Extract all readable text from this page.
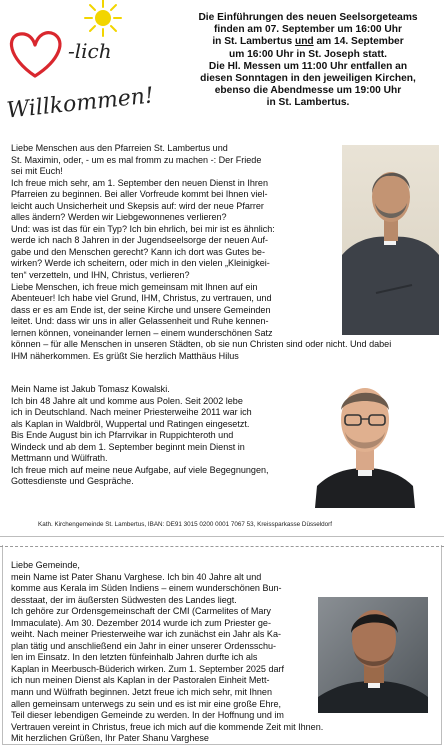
-lich
Willkommen!
Die Einführungen des neuen Seelsorgeteams
finden am 07. September um 16:00 Uhr
in St. Lambertus und am 14. September
um 16:00 Uhr in St. Joseph statt.
Die Hl. Messen um 11:00 Uhr entfallen an
diesen Sonntagen in den jeweiligen Kirchen,
ebenso die Abendmesse um 19:00 Uhr
in St. Lambertus.

Liebe Menschen aus den Pfarreien St. Lambertus und

St. Maximin, oder, - um es mal fromm zu machen -: Der Friede

sei mit Euch!

Ich freue mich sehr, am 1. September den neuen Dienst in Ihren

Pfarreien zu beginnen. Bei aller Vorfreude kommt bei Ihnen viel-

leicht auch Unsicherheit und Skepsis auf: wird der neue Pfarrer

alles ändern? Werden wir Liebgewonnenes verlieren?

Und: was ist das für ein Typ? Ich bin ehrlich, bei mir ist es ähnlich:

werde ich nach 8 Jahren in der Jugendseelsorge der neuen Auf-

gabe und den Menschen gerecht? Kann ich dort was Gutes be-

wirken? Werde ich scheitern, oder mich in den vielen „Kleinigkei-

ten“ verzetteln, und IHN, Christus, verlieren?

Liebe Menschen, ich freue mich gemeinsam mit Ihnen auf ein

Abenteuer! Ich habe viel Grund, IHM, Christus, zu vertrauen, und

dass er es am Ende ist, der seine Kirche und unsere Gemeinden

leitet. Und: dass wir uns in aller Gelassenheit und Ruhe kennen-

lernen können, voneinander lernen – einem wunderschönen Satz

können – für alle Menschen in unseren Städten, ob sie nun Christen sind oder nicht. Und dabei

IHM näherkommen. Es grüßt Sie herzlich Matthäus Hilus

Mein Name ist Jakub Tomasz Kowalski.

Ich bin 48 Jahre alt und komme aus Polen. Seit 2002 lebe

ich in Deutschland. Nach meiner Priesterweihe 2011 war ich

als Kaplan in Waldbröl, Wuppertal und Ratingen eingesetzt.

Bis Ende August bin ich Pfarrvikar in Ruppichteroth und

Windeck und ab dem 1. September beginnt mein Dienst in

Mettmann und Wülfrath.

Ich freue mich auf meine neue Aufgabe, auf viele Begegnungen,

Gottesdienste und Gespräche.

Kath. Kirchengemeinde St. Lambertus, IBAN: DE91 3015 0200 0001 7067 53, Kreissparkasse Düsseldorf

Liebe Gemeinde,

mein Name ist Pater Shanu Varghese. Ich bin 40 Jahre alt und

komme aus Kerala im Süden Indiens – einem wunderschönen Bun-

desstaat, der im äußersten Südwesten des Landes liegt.

Ich gehöre zur Ordensgemeinschaft der CMI (Carmelites of Mary

Immaculate). Am 30. Dezember 2014 wurde ich zum Priester ge-

weiht. Nach meiner Priesterweihe war ich zunächst ein Jahr als Ka-

plan tätig und anschließend ein Jahr in einer unserer Ordensschu-

len im Einsatz. In den letzten fünfeinhalb Jahren durfte ich als

Kaplan in Meerbusch-Büderich wirken. Zum 1. September 2025 darf

ich nun meinen Dienst als Kaplan in der Pastoralen Einheit Mett-

mann und Wülfrath beginnen. Jetzt freue ich mich sehr, mit Ihnen

allen gemeinsam unterwegs zu sein und es ist mir eine große Ehre,

Teil dieser lebendigen Gemeinde zu werden. In der Hoffnung und im

Vertrauen vereint in Christus, freue ich mich auf die kommende Zeit mit Ihnen.

Mit herzlichen Grüßen, Ihr Pater Shanu Varghese
